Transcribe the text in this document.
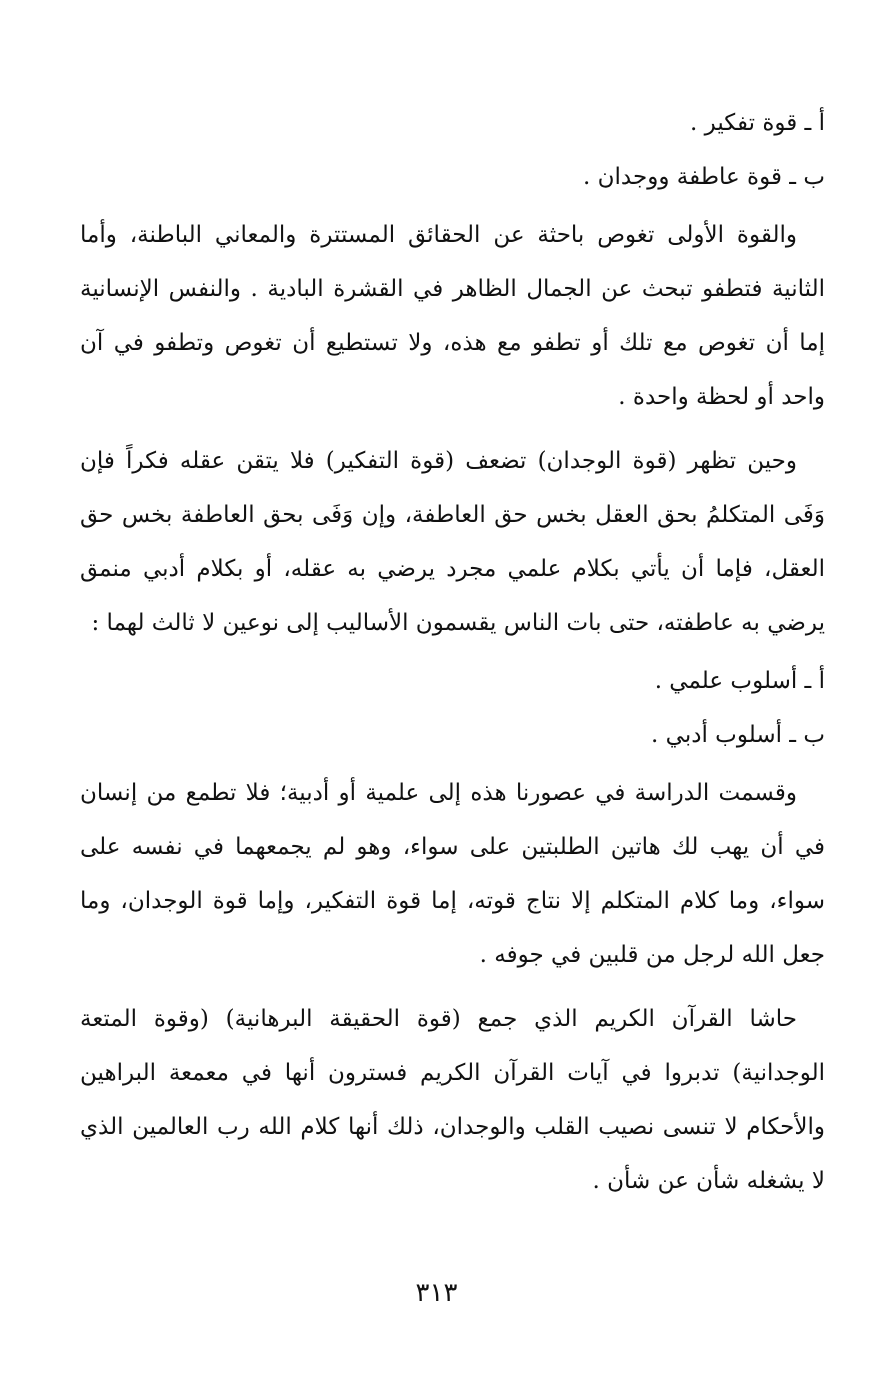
أ ـ قوة تفكير .

ب ـ قوة عاطفة ووجدان .

والقوة الأولى تغوص باحثة عن الحقائق المستترة والمعاني الباطنة، وأما الثانية فتطفو تبحث عن الجمال الظاهر في القشرة البادية . والنفس الإنسانية إما أن تغوص مع تلك أو تطفو مع هذه، ولا تستطيع أن تغوص وتطفو في آن واحد أو لحظة واحدة .

وحين تظهر (قوة الوجدان) تضعف (قوة التفكير) فلا يتقن عقله فكراً فإن وَفَى المتكلمُ بحق العقل بخس حق العاطفة، وإن وَفَى بحق العاطفة بخس حق العقل، فإما أن يأتي بكلام علمي مجرد يرضي به عقله، أو بكلام أدبي منمق يرضي به عاطفته، حتى بات الناس يقسمون الأساليب إلى نوعين لا ثالث لهما :

أ ـ أسلوب علمي .

ب ـ أسلوب أدبي .

وقسمت الدراسة في عصورنا هذه إلى علمية أو أدبية؛ فلا تطمع من إنسان في أن يهب لك هاتين الطلبتين على سواء، وهو لم يجمعهما في نفسه على سواء، وما كلام المتكلم إلا نتاج قوته، إما قوة التفكير، وإما قوة الوجدان، وما جعل الله لرجل من قلبين في جوفه .

حاشا القرآن الكريم الذي جمع (قوة الحقيقة البرهانية) (وقوة المتعة الوجدانية) تدبروا في آيات القرآن الكريم فسترون أنها في معمعة البراهين والأحكام لا تنسى نصيب القلب والوجدان، ذلك أنها كلام الله رب العالمين الذي لا يشغله شأن عن شأن .

٣١٣
